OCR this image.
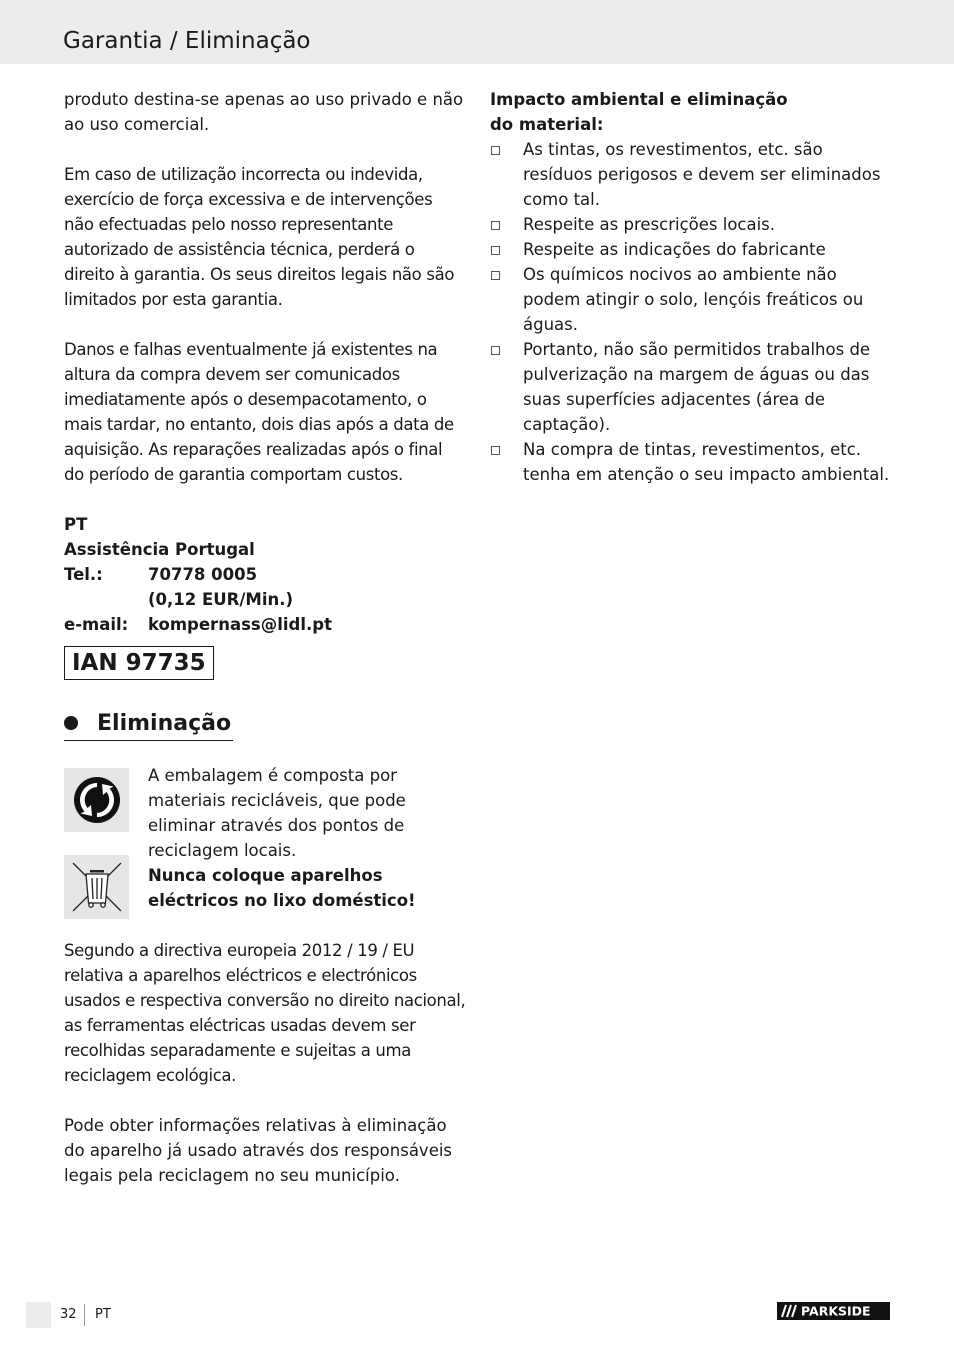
Garantia / Eliminação

produto destina-se apenas ao uso privado e não ao uso comercial.

Em caso de utilização incorrecta ou indevida, exercício de força excessiva e de intervenções não efectuadas pelo nosso representante autorizado de assistência técnica, perderá o direito à garantia. Os seus direitos legais não são limitados por esta garantia.

Danos e falhas eventualmente já existentes na altura da compra devem ser comunicados imediatamente após o desempacotamento, o mais tardar, no entanto, dois dias após a data de aquisição. As reparações realizadas após o final do período de garantia comportam custos.

PT
Assistência Portugal
Tel.:	70778 0005
(0,12 EUR/Min.)
e-mail:	kompernass@lidl.pt
IAN 97735
Eliminação
A embalagem é composta por materiais recicláveis, que pode eliminar através dos pontos de reciclagem locais.
Nunca coloque aparelhos eléctricos no lixo doméstico!

Segundo a directiva europeia 2012 / 19 / EU relativa a aparelhos eléctricos e electrónicos usados e respectiva conversão no direito nacional, as ferramentas eléctricas usadas devem ser recolhidas separadamente e sujeitas a uma reciclagem ecológica.

Pode obter informações relativas à eliminação do aparelho já usado através dos responsáveis legais pela reciclagem no seu município.

Impacto ambiental e eliminação do material:

As tintas, os revestimentos, etc. são resíduos perigosos e devem ser eliminados como tal.
Respeite as prescrições locais.
Respeite as indicações do fabricante
Os químicos nocivos ao ambiente não podem atingir o solo, lençóis freáticos ou águas.
Portanto, não são permitidos trabalhos de pulverização na margem de águas ou das suas superfícies adjacentes (área de captação).
Na compra de tintas, revestimentos, etc. tenha em atenção o seu impacto ambiental.
32 PT	PARKSIDE
